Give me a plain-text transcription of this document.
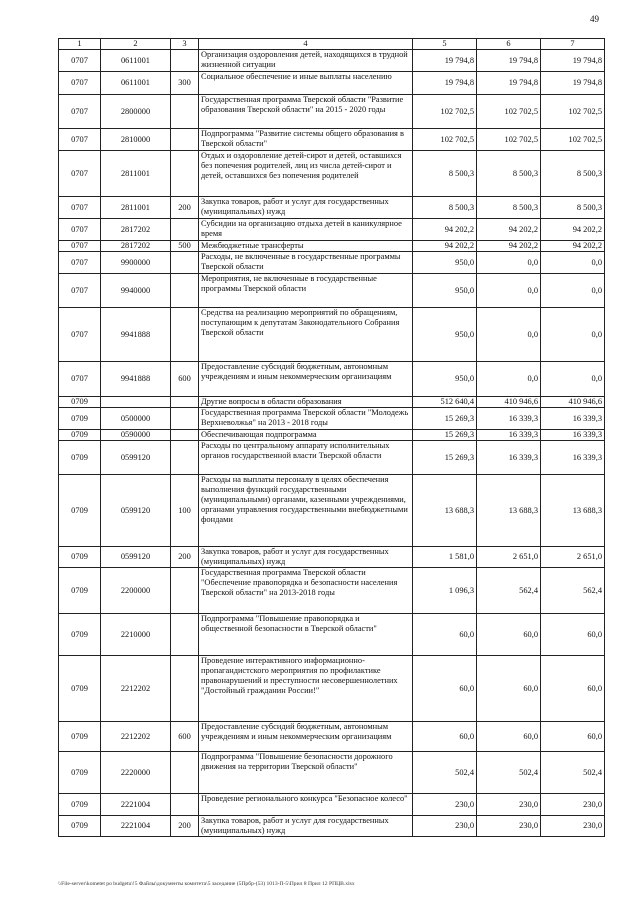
49
1	2	3	4	5	6	7
0707	0611001		Организация оздоровления детей, находящихся в трудной жизненной ситуации	19 794,8	19 794,8	19 794,8
0707	0611001	300	Социальное обеспечение и иные выплаты населению	19 794,8	19 794,8	19 794,8
0707	2800000		Государственная программа Тверской области "Развитие образования Тверской области" на 2015 - 2020 годы	102 702,5	102 702,5	102 702,5
0707	2810000		Подпрограмма "Развитие системы общего образования в Тверской области"	102 702,5	102 702,5	102 702,5
0707	2811001		Отдых и оздоровление детей-сирот и детей, оставшихся без попечения родителей, лиц из числа детей-сирот и детей, оставшихся без попечения родителей	8 500,3	8 500,3	8 500,3
0707	2811001	200	Закупка товаров, работ и услуг для государственных (муниципальных) нужд	8 500,3	8 500,3	8 500,3
0707	2817202		Субсидии на организацию отдыха детей в каникулярное время	94 202,2	94 202,2	94 202,2
0707	2817202	500	Межбюджетные трансферты	94 202,2	94 202,2	94 202,2
0707	9900000		Расходы, не включенные в государственные программы Тверской области	950,0	0,0	0,0
0707	9940000		Мероприятия, не включенные в государственные программы Тверской области	950,0	0,0	0,0
0707	9941888		Средства на реализацию мероприятий по обращениям, поступающим к депутатам Законодательного Собрания Тверской области	950,0	0,0	0,0
0707	9941888	600	Предоставление субсидий бюджетным, автономным учреждениям и иным некоммерческим организациям	950,0	0,0	0,0
0709			Другие вопросы в области образования	512 640,4	410 946,6	410 946,6
0709	0500000		Государственная программа Тверской области "Молодежь Верхневолжья" на 2013 - 2018 годы	15 269,3	16 339,3	16 339,3
0709	0590000		Обеспечивающая подпрограмма	15 269,3	16 339,3	16 339,3
0709	0599120		Расходы по центральному аппарату исполнительных органов государственной власти Тверской области	15 269,3	16 339,3	16 339,3
0709	0599120	100	Расходы на выплаты персоналу в целях обеспечения выполнения функций государственными (муниципальными) органами, казенными учреждениями, органами управления государственными внебюджетными фондами	13 688,3	13 688,3	13 688,3
0709	0599120	200	Закупка товаров, работ и услуг для государственных (муниципальных) нужд	1 581,0	2 651,0	2 651,0
0709	2200000		Государственная программа Тверской области "Обеспечение правопорядка и безопасности населения Тверской области" на 2013-2018 годы	1 096,3	562,4	562,4
0709	2210000		Подпрограмма "Повышение правопорядка и общественной безопасности в Тверской области"	60,0	60,0	60,0
0709	2212202		Проведение интерактивного информационно-пропагандистского мероприятия по профилактике правонарушений и преступности несовершеннолетних "Достойный гражданин России!"	60,0	60,0	60,0
0709	2212202	600	Предоставление субсидий бюджетным, автономным учреждениям и иным некоммерческим организациям	60,0	60,0	60,0
0709	2220000		Подпрограмма "Повышение безопасности дорожного движения на территории Тверской области"	502,4	502,4	502,4
0709	2221004		Проведение регионального конкурса "Безопасное колесо"	230,0	230,0	230,0
0709	2221004	200	Закупка товаров, работ и услуг для государственных (муниципальных) нужд	230,0	230,0	230,0
\\File-server\kometet po budgetu\!5 Файлы\документы комитета\5 заседание (5Прбр-(53) 1013-П-5\Прил 8 Прил 12 РПЦВ.xlsx
